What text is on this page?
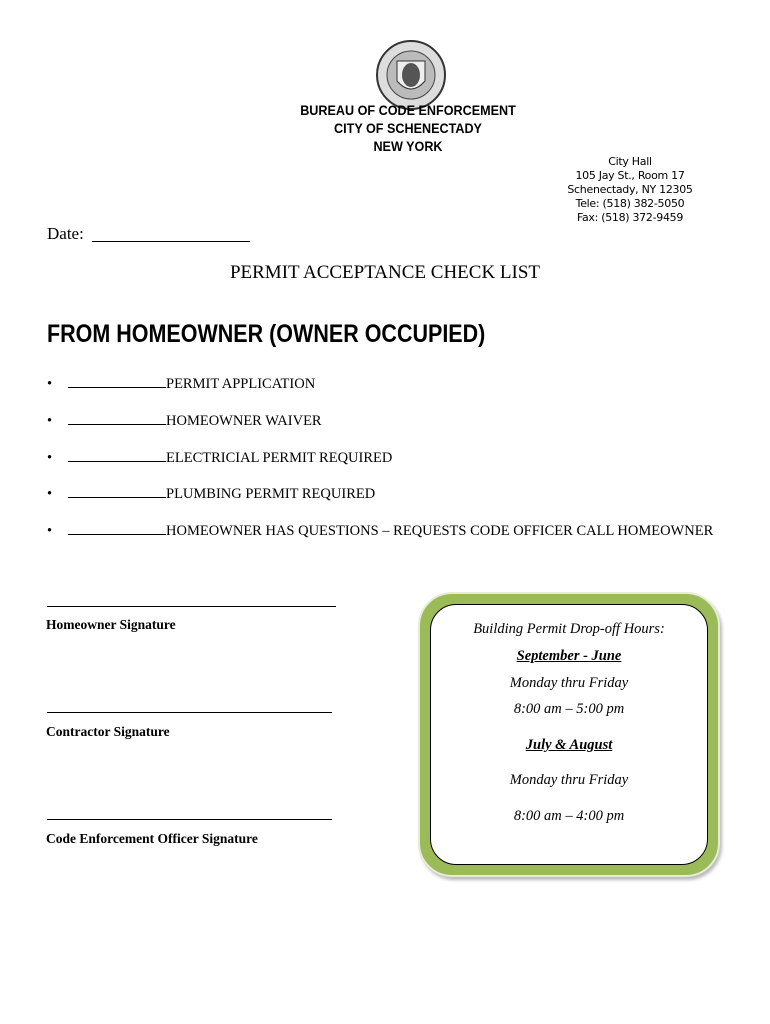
BUREAU OF CODE ENFORCEMENT
CITY OF SCHENECTADY
NEW YORK
City Hall
105 Jay St., Room 17
Schenectady, NY 12305
Tele: (518) 382-5050
Fax: (518) 372-9459
Date:
PERMIT ACCEPTANCE CHECK LIST
FROM HOMEOWNER (OWNER OCCUPIED)
•	PERMIT APPLICATION
•	HOMEOWNER WAIVER
•	ELECTRICIAL PERMIT REQUIRED
•	PLUMBING PERMIT REQUIRED
•	HOMEOWNER HAS QUESTIONS – REQUESTS CODE OFFICER CALL HOMEOWNER
Homeowner Signature
Contractor Signature
Code Enforcement Officer Signature
Building Permit Drop-off Hours:
September - June
Monday thru Friday
8:00 am – 5:00 pm
July & August
Monday thru Friday
8:00 am – 4:00 pm
